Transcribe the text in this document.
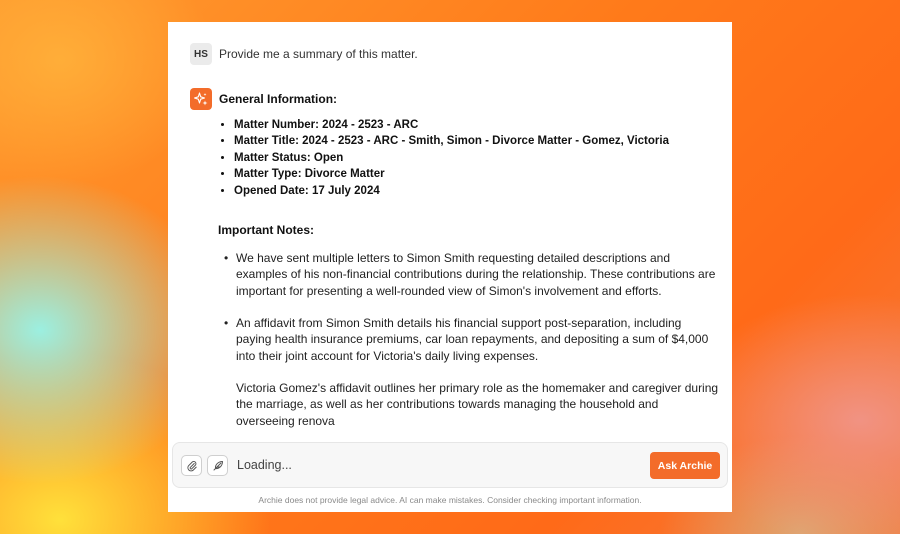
HS Provide me a summary of this matter.
General Information:
• Matter Number: 2024 - 2523 - ARC
• Matter Title: 2024 - 2523 - ARC - Smith, Simon - Divorce Matter - Gomez, Victoria
• Matter Status: Open
• Matter Type: Divorce Matter
• Opened Date: 17 July 2024
Important Notes:
• We have sent multiple letters to Simon Smith requesting detailed descriptions and examples of his non-financial contributions during the relationship. These contributions are important for presenting a well-rounded view of Simon's involvement and efforts.
• An affidavit from Simon Smith details his financial support post-separation, including paying health insurance premiums, car loan repayments, and depositing a sum of $4,000 into their joint account for Victoria's daily living expenses.
Victoria Gomez's affidavit outlines her primary role as the homemaker and caregiver during the marriage, as well as her contributions towards managing the household and overseeing renova
Loading...	Ask Archie
Archie does not provide legal advice. AI can make mistakes. Consider checking important information.
